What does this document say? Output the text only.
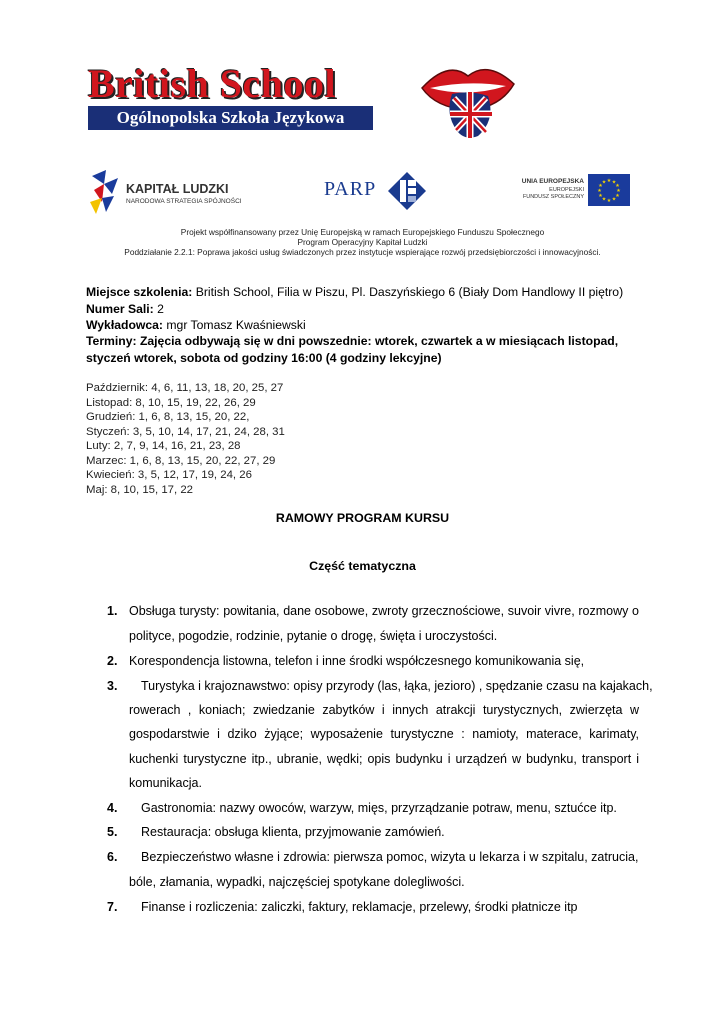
British School
Ogólnopolska Szkoła Językowa
KAPITAŁ LUDZKI
NARODOWA STRATEGIA SPÓJNOŚCI
PARP	UNIA EUROPEJSKA
EUROPEJSKI
FUNDUSZ SPOŁECZNY
★ ★
★
★
★
★
★
★
★
★
★
★
Projekt współfinansowany przez Unię Europejską w ramach Europejskiego Funduszu Społecznego
Program Operacyjny Kapitał Ludzki
Poddziałanie 2.2.1: Poprawa jakości usług świadczonych przez instytucje wspierające rozwój przedsiębiorczości i innowacyjności.
Miejsce szkolenia: British School, Filia w Piszu, Pl. Daszyńskiego 6 (Biały Dom Handlowy II piętro)
Numer Sali: 2
Wykładowca: mgr Tomasz Kwaśniewski
Terminy: Zajęcia odbywają się w dni powszednie: wtorek, czwartek a w miesiącach listopad,
styczeń wtorek, sobota od godziny 16:00 (4 godziny lekcyjne)
Październik: 4, 6, 11, 13, 18, 20, 25, 27
Listopad: 8, 10, 15, 19, 22, 26, 29
Grudzień: 1, 6, 8, 13, 15, 20, 22,
Styczeń: 3, 5, 10, 14, 17, 21, 24, 28, 31
Luty: 2, 7, 9, 14, 16, 21, 23, 28
Marzec: 1, 6, 8, 13, 15, 20, 22, 27, 29
Kwiecień: 3, 5, 12, 17, 19, 24, 26
Maj: 8, 10, 15, 17, 22
RAMOWY PROGRAM KURSU
Część tematyczna
1. Obsługa turysty: powitania, dane osobowe, zwroty grzecznościowe, suvoir vivre, rozmowy o
polityce, pogodzie, rodzinie, pytanie o drogę, święta i uroczystości.
2. Korespondencja listowna, telefon i inne środki współczesnego komunikowania się,
3. Turystyka i krajoznawstwo: opisy przyrody (las, łąka, jezioro) , spędzanie czasu na kajakach,
rowerach , koniach; zwiedzanie zabytków i innych atrakcji turystycznych, zwierzęta w
gospodarstwie i dziko żyjące; wyposażenie turystyczne : namioty, materace, karimaty,
kuchenki turystyczne itp., ubranie, wędki; opis budynku i urządzeń w budynku, transport i
komunikacja.
4. Gastronomia: nazwy owoców, warzyw, mięs, przyrządzanie potraw, menu, sztućce itp.
5. Restauracja: obsługa klienta, przyjmowanie zamówień.
6. Bezpieczeństwo własne i zdrowia: pierwsza pomoc, wizyta u lekarza i w szpitalu, zatrucia,
bóle, złamania, wypadki, najczęściej spotykane dolegliwości.
7. Finanse i rozliczenia: zaliczki, faktury, reklamacje, przelewy, środki płatnicze itp
